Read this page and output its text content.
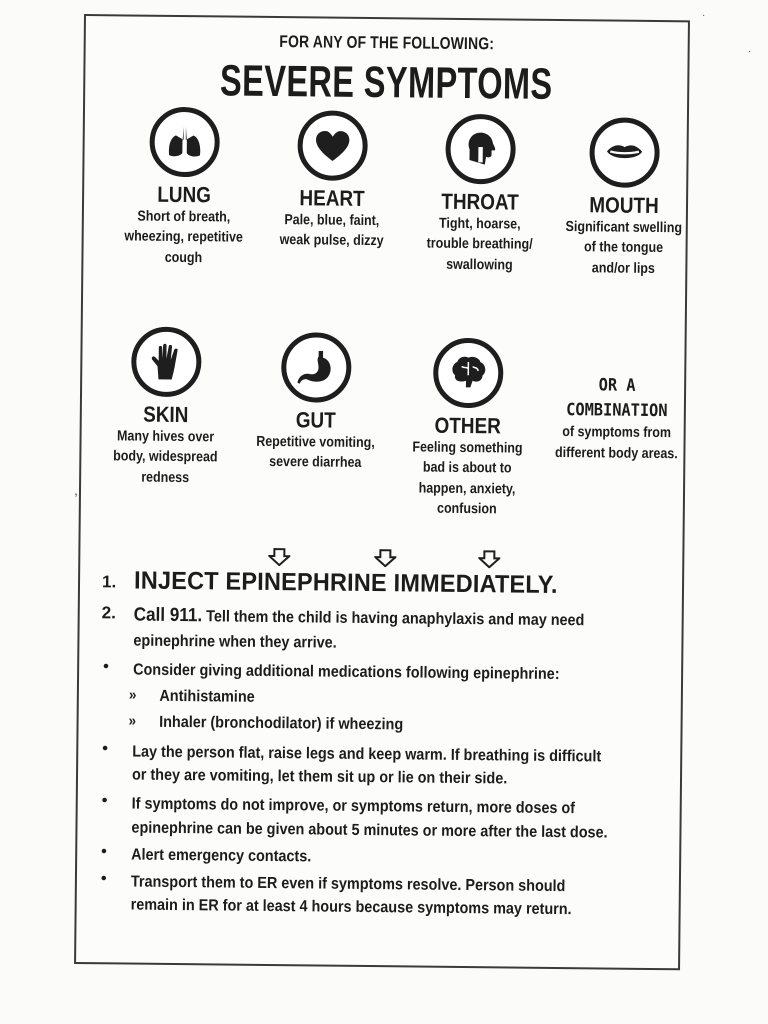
·
,
·
FOR ANY OF THE FOLLOWING:
SEVERE SYMPTOMS
LUNG
Short of breath, wheezing, repetitive cough
HEART
Pale, blue, faint, weak pulse, dizzy
THROAT
Tight, hoarse, trouble breathing/ swallowing
MOUTH
Significant swelling of the tongue and/or lips
SKIN
Many hives over body, widespread redness
GUT
Repetitive vomiting, severe diarrhea
OTHER
Feeling something bad is about to happen, anxiety, confusion
OR A
COMBINATION
of symptoms from different body areas.
1. INJECT EPINEPHRINE IMMEDIATELY.
2. Call 911. Tell them the child is having anaphylaxis and may need epinephrine when they arrive.
• Consider giving additional medications following epinephrine:
» Antihistamine
» Inhaler (bronchodilator) if wheezing
• Lay the person flat, raise legs and keep warm. If breathing is difficult or they are vomiting, let them sit up or lie on their side.
• If symptoms do not improve, or symptoms return, more doses of epinephrine can be given about 5 minutes or more after the last dose.
• Alert emergency contacts.
• Transport them to ER even if symptoms resolve. Person should remain in ER for at least 4 hours because symptoms may return.
